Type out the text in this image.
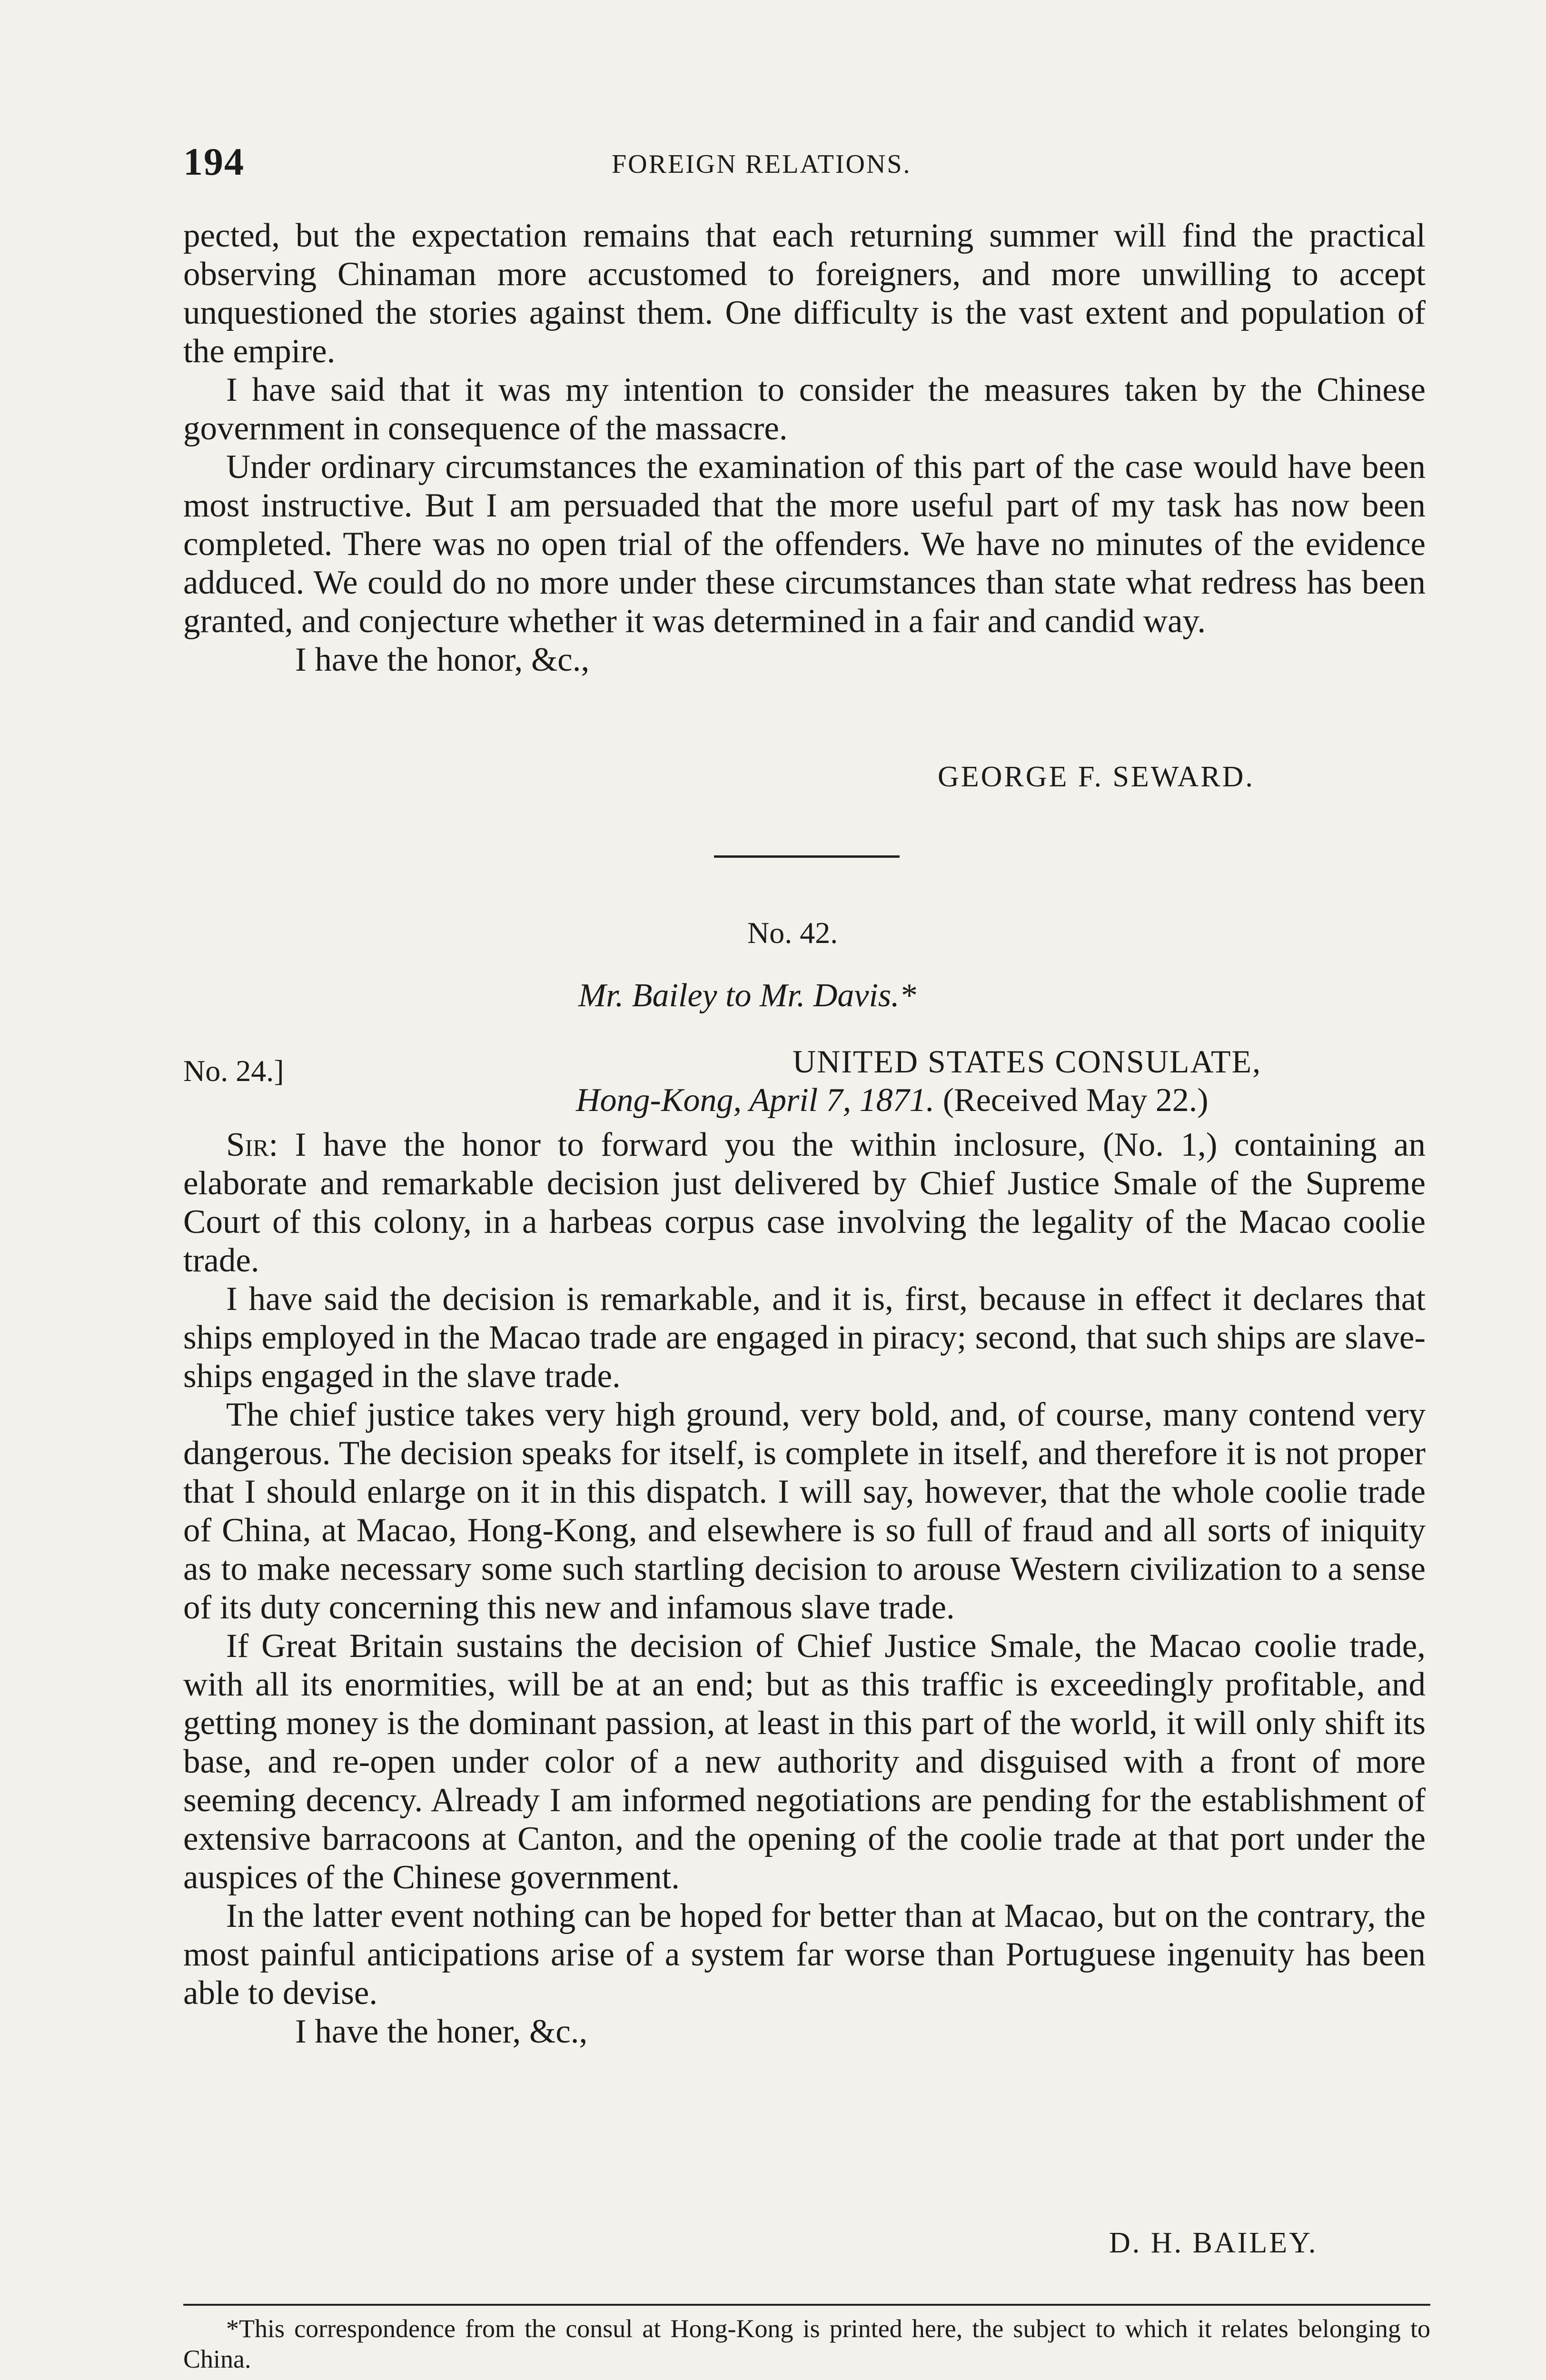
194	FOREIGN RELATIONS.

pected, but the expectation remains that each returning summer will find the practical observing Chinaman more accustomed to foreigners, and more unwilling to accept unquestioned the stories against them. One difficulty is the vast extent and population of the empire.

I have said that it was my intention to consider the measures taken by the Chinese government in consequence of the massacre.

Under ordinary circumstances the examination of this part of the case would have been most instructive. But I am persuaded that the more useful part of my task has now been completed. There was no open trial of the offenders. We have no minutes of the evidence adduced. We could do no more under these circumstances than state what redress has been granted, and conjecture whether it was determined in a fair and candid way.

I have the honor, &c.,

GEORGE F. SEWARD.
No. 42.
Mr. Bailey to Mr. Davis.*
No. 24.]	UNITED STATES CONSULATE,
Hong-Kong, April 7, 1871. (Received May 22.)

Sir: I have the honor to forward you the within inclosure, (No. 1,) containing an elaborate and remarkable decision just delivered by Chief Justice Smale of the Supreme Court of this colony, in a harbeas corpus case involving the legality of the Macao coolie trade.

I have said the decision is remarkable, and it is, first, because in effect it declares that ships employed in the Macao trade are engaged in piracy; second, that such ships are slave-ships engaged in the slave trade.

The chief justice takes very high ground, very bold, and, of course, many contend very dangerous. The decision speaks for itself, is complete in itself, and therefore it is not proper that I should enlarge on it in this dispatch. I will say, however, that the whole coolie trade of China, at Macao, Hong-Kong, and elsewhere is so full of fraud and all sorts of iniquity as to make necessary some such startling decision to arouse Western civilization to a sense of its duty concerning this new and infamous slave trade.

If Great Britain sustains the decision of Chief Justice Smale, the Macao coolie trade, with all its enormities, will be at an end; but as this traffic is exceedingly profitable, and getting money is the dominant passion, at least in this part of the world, it will only shift its base, and re-open under color of a new authority and disguised with a front of more seeming decency. Already I am informed negotiations are pending for the establishment of extensive barracoons at Canton, and the opening of the coolie trade at that port under the auspices of the Chinese government.

In the latter event nothing can be hoped for better than at Macao, but on the contrary, the most painful anticipations arise of a system far worse than Portuguese ingenuity has been able to devise.

I have the honer, &c.,

D. H. BAILEY.

*This correspondence from the consul at Hong-Kong is printed here, the subject to which it relates belonging to China.
